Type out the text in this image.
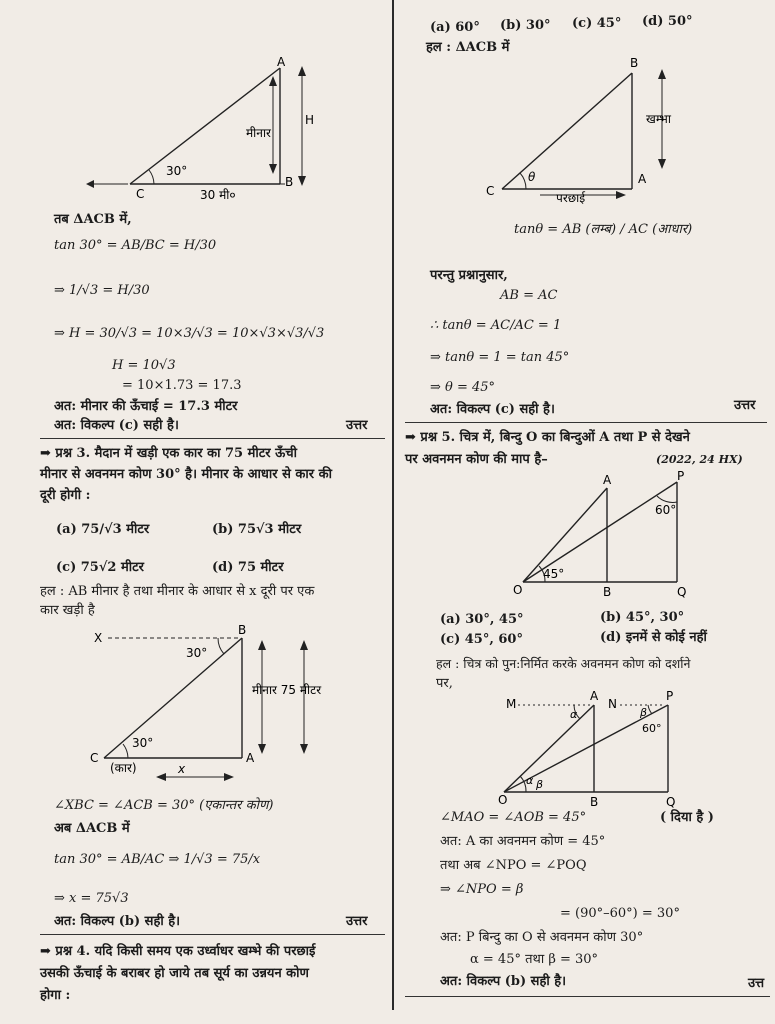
A
B
C
30°
30 मी०
मीनार
H
तब ΔACB में,
tan 30° = AB/BC = H/30
⇒ 1/√3 = H/30
⇒ H = 30/√3 = 10×3/√3 = 10×√3×√3/√3
H = 10√3
= 10×1.73 = 17.3
अत: मीनार की ऊँचाई = 17.3 मीटर
अत: विकल्प (c) सही है।	उत्तर
➡ प्रश्न 3. मैदान में खड़ी एक कार का 75 मीटर ऊँची
मीनार से अवनमन कोण 30° है। मीनार के आधार से कार की
दूरी होगी :
(a) 75/√3 मीटर	(b) 75√3 मीटर
(c) 75√2 मीटर	(d) 75 मीटर
हल : AB मीनार है तथा मीनार के आधार से x दूरी पर एक
कार खड़ी है
X
B
C	A
30°
30°
(कार)	x
मीनार 75 मीटर
∠XBC = ∠ACB = 30° (एकान्तर कोण)
अब ΔACB में
tan 30° = AB/AC ⇒ 1/√3 = 75/x
⇒ x = 75√3
अत: विकल्प (b) सही है।	उत्तर
➡ प्रश्न 4. यदि किसी समय एक उर्ध्वाधर खम्भे की परछाई
उसकी ऊँचाई के बराबर हो जाये तब सूर्य का उन्नयन कोण
होगा :
(a) 60° (b) 30° (c) 45° (d) 50°
हल : ΔACB में
B
A
C
θ
खम्भा
परछाई
tanθ = AB (लम्ब) / AC (आधार)
परन्तु प्रश्नानुसार,
AB = AC
∴ tanθ = AC/AC = 1
⇒ tanθ = 1 = tan 45°
⇒ θ = 45°
अत: विकल्प (c) सही है।	उत्तर
➡ प्रश्न 5. चित्र में, बिन्दु O का बिन्दुओं A तथा P से देखने
पर अवनमन कोण की माप है–	(2022, 24 HX)
A	P
O	B	Q
45°
60°
(a) 30°, 45°	(b) 45°, 30°
(c) 45°, 60°	(d) इनमें से कोई नहीं
हल : चित्र को पुन:निर्मित करके अवनमन कोण को दर्शाने
पर,
M
A
N
P
O	B	Q
α	β
α β
60°
∠MAO = ∠AOB = 45°	( दिया है )
अत: A का अवनमन कोण = 45°
तथा अब ∠NPO = ∠POQ
⇒ ∠NPO = β
= (90°–60°) = 30°
अत: P बिन्दु का O से अवनमन कोण 30°
α = 45° तथा β = 30°
अत: विकल्प (b) सही है।	उत्त
